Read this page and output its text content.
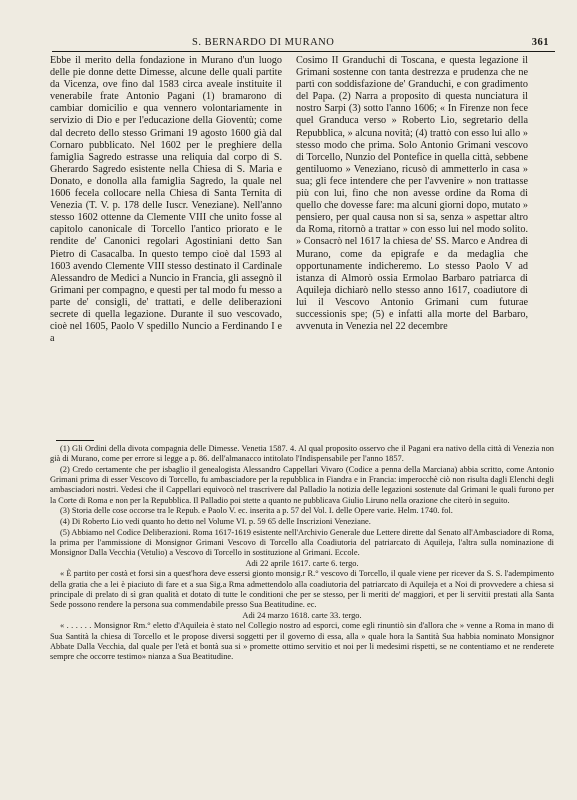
S. BERNARDO DI MURANO	361

Ebbe il merito della fondazione in Murano d'un luogo delle pie donne dette Dimesse, alcune delle quali partite da Vicenza, ove fino dal 1583 circa aveale instituite il venerabile frate Antonio Pagani (1) bramarono di cambiar domicilio e qua vennero volontariamente in servizio di Dio e per l'educazione della Gioventù; come dal decreto dello stesso Grimani 19 agosto 1600 già dal Cornaro pubblicato. Nel 1602 per le preghiere della famiglia Sagredo estrasse una reliquia dal corpo di S. Gherardo Sagredo esistente nella Chiesa di S. Maria e Donato, e donolla alla famiglia Sagredo, la quale nel 1606 fecela collocare nella Chiesa di Santa Ternita di Venezia (T. V. p. 178 delle Iuscr. Veneziane). Nell'anno stesso 1602 ottenne da Clemente VIII che unito fosse al capitolo canonicale di Torcello l'antico priorato e le rendite de' Canonici regolari Agostiniani detto San Pietro di Casacalba. In questo tempo cioè dal 1593 al 1603 avendo Clemente VIII stesso destinato il Cardinale Alessandro de Medici a Nuncio in Francia, gli assegnò il Grimani per compagno, e questi per tal modo fu messo a parte de' consigli, de' trattati, e delle deliberazioni secrete di quella legazione. Durante il suo vescovado, cioè nel 1605, Paolo V spedillo Nuncio a Ferdinando I e a

Cosimo II Granduchi di Toscana, e questa legazione il Grimani sostenne con tanta destrezza e prudenza che ne partì con soddisfazione de' Granduchi, e con gradimento del Papa. (2) Narra a proposito di questa nunciatura il nostro Sarpi (3) sotto l'anno 1606; « In Firenze non fece quel Granduca verso » Roberto Lio, segretario della Repubblica, » alcuna novità; (4) trattò con esso lui allo » stesso modo che prima. Solo Antonio Grimani vescovo di Torcello, Nunzio del Pontefice in quella città, sebbene gentiluomo » Veneziano, ricusò di ammetterlo in casa » sua; gli fece intendere che per l'avvenire » non trattasse più con lui, fino che non avesse ordine da Roma di quello che dovesse fare: ma alcuni giorni dopo, mutato » pensiero, per qual causa non si sa, senza » aspettar altro da Roma, ritornò a trattar » con esso lui nel modo solito. » Consacrò nel 1617 la chiesa de' SS. Marco e Andrea di Murano, come da epigrafe e da medaglia che opportunamente indicheremo. Lo stesso Paolo V ad istanza di Almorò ossia Ermolao Barbaro patriarca di Aquileja dichiarò nello stesso anno 1617, coadiutore di lui il Vescovo Antonio Grimani cum futurae successionis spe; (5) e infatti alla morte del Barbaro, avvenuta in Venezia nel 22 decembre

(1) Gli Ordini della divota compagnia delle Dimesse. Venetia 1587. 4. Al qual proposito osservo che il Pagani era nativo della città di Venezia non già di Murano, come per errore si legge a p. 86. dell'almanacco intitolato l'Indispensabile per l'anno 1857.

(2) Credo certamente che per isbaglio il genealogista Alessandro Cappellari Vivaro (Codice a penna della Marciana) abbia scritto, come Antonio Grimani prima di esser Vescovo di Torcello, fu ambasciadore per la repubblica in Fiandra e in Francia: imperocchè ciò non risulta dagli Elenchi degli ambasciadori nostri. Vedesi che il Cappellari equivocò nel trascrivere dal Palladio la notizia delle legazioni sostenute dal Grimani le quali furono per la Corte di Roma e non per la Repubblica. Il Palladio poi stette a quanto ne pubblicava Giulio Liruno nella orazione che citerò in seguito.

(3) Storia delle cose occorse tra le Repub. e Paolo V. ec. inserita a p. 57 del Vol. I. delle Opere varie. Helm. 1740. fol.

(4) Di Roberto Lio vedi quanto ho detto nel Volume VI. p. 59 65 delle Inscrizioni Veneziane.

(5) Abbiamo nel Codice Deliberazioni. Roma 1617-1619 esistente nell'Archivio Generale due Lettere dirette dal Senato all'Ambasciadore di Roma, la prima per l'ammissione di Monsignor Grimani Vescovo di Torcello alla Coadiutoria del patriarcato di Aquileja, l'altra sulla nominazione di Monsignor Dalla Vecchia (Vetulio) a Vescovo di Torcello in sostituzione al Grimani. Eccole.

Adi 22 aprile 1617. carte 6. tergo.

« È partito per costà et forsi sin a quest'hora deve essersi gionto monsig.r R.° vescovo di Torcello, il quale viene per ricever da S. S. l'adempimento della gratia che a lei è piaciuto di fare et a sua Sig.a Rma admettendolo alla coadiutoria del patriarcato di Aquileja et a Noi di provvedere a chiesa si principale di prelato di sì gran qualità et dotato di tutte le conditioni che per se stesso, per li meriti de' maggiori, et per li servitii prestati alla Santa Sede possono rendere la persona sua commendabile presso Sua Beatitudine. ec.

Adi 24 marzo 1618. carte 33. tergo.

« . . . . . . Monsignor Rm.° eletto d'Aquileia è stato nel Collegio nostro ad esporci, come egli rinuntiò sin d'allora che » venne a Roma in mano di Sua Santità la chiesa di Torcello et le propose diversi soggetti per il governo di essa, alla » quale hora la Santità Sua habbia nominato Monsignor Abbate Dalla Vecchia, dal quale per l'età et bontà sua si » promette ottimo servitio et noi per li medesimi rispetti, se ne contentiamo et ne renderete sempre che occorre testimo» nianza a Sua Beatitudine.
